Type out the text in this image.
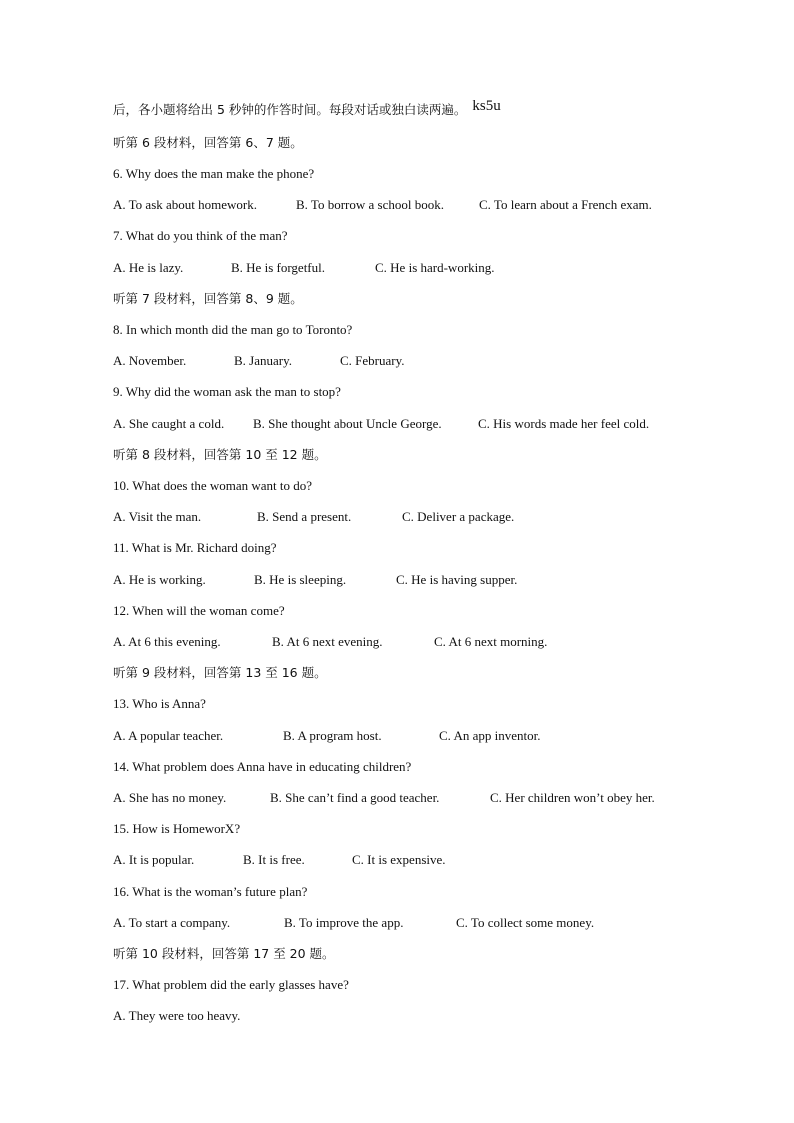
后，各小题将给出 5 秒钟的作答时间。每段对话或独白读两遍。 ks5u
听第 6 段材料，回答第 6、7 题。
6. Why does the man make the phone?
A. To ask about homework.	B. To borrow a school book.	C. To learn about a French exam.
7. What do you think of the man?
A. He is lazy.	B. He is forgetful.	C. He is hard-working.
听第 7 段材料，回答第 8、9 题。
8. In which month did the man go to Toronto?
A. November.	B. January.	C. February.
9. Why did the woman ask the man to stop?
A. She caught a cold. B. She thought about Uncle George.	C. His words made her feel cold.
听第 8 段材料，回答第 10 至 12 题。
10. What does the woman want to do?
A. Visit the man.	B. Send a present.	C. Deliver a package.
11. What is Mr. Richard doing?
A. He is working.	B. He is sleeping.	C. He is having supper.
12. When will the woman come?
A. At 6 this evening.	B. At 6 next evening.	C. At 6 next morning.
听第 9 段材料，回答第 13 至 16 题。
13. Who is Anna?
A. A popular teacher.	B. A program host.	C. An app inventor.
14. What problem does Anna have in educating children?
A. She has no money.	B. She can’t find a good teacher.	C. Her children won’t obey her.
15. How is HomeworX?
A. It is popular.	B. It is free.	C. It is expensive.
16. What is the woman’s future plan?
A. To start a company.	B. To improve the app.	C. To collect some money.
听第 10 段材料，回答第 17 至 20 题。
17. What problem did the early glasses have?
A. They were too heavy.
